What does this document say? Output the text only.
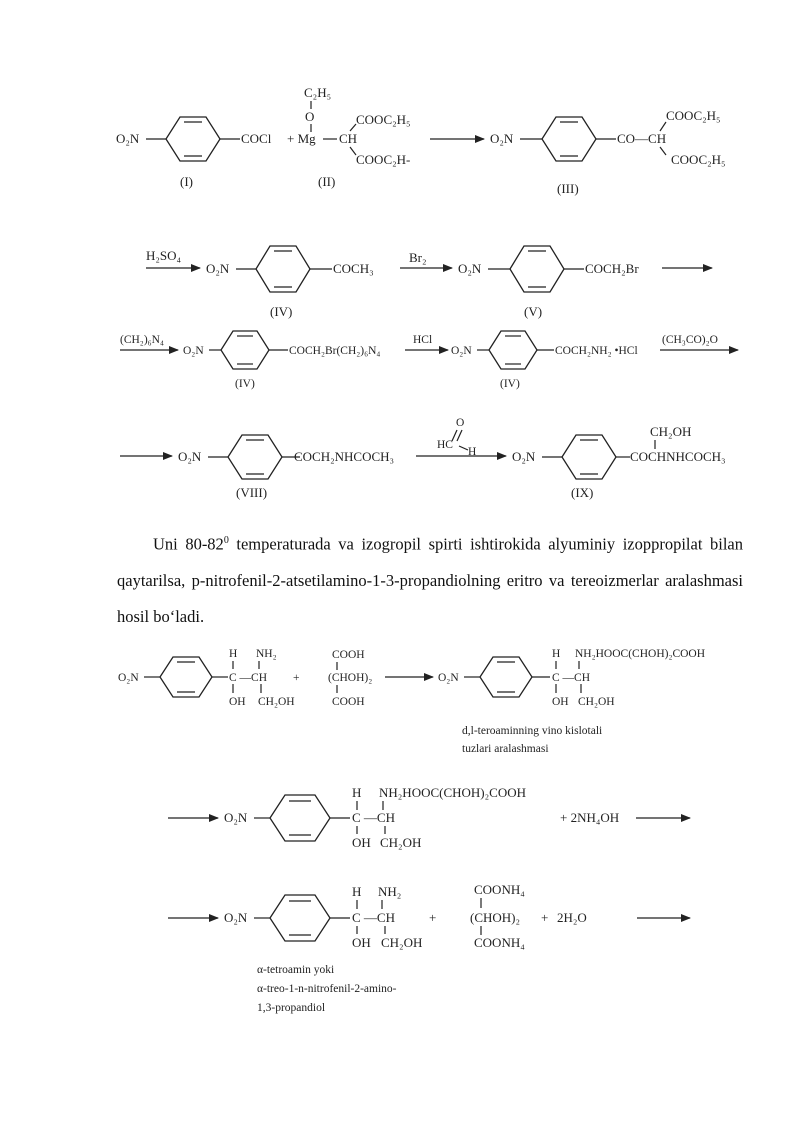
O₂N	COCl + Mg
C₂H₅
O
CH
COOC₂H₅
COOC₂H-
(I)	(II)
O₂N	CO—CH
COOC₂H₅
COOC₂H₅
(III)
H₂SO₄
O₂N	COCH₃
(IV)
Br₂
O₂N	COCH₂Br
(V)
(CH₂)₆N₄
O₂N	COCH₂Br(CH₂)₆N₄
(IV)
HCl
O₂N	COCH₂NH₂ •HCl
(IV)
(CH₃CO)₂O
O₂N	COCH₂NHCOCH₃
(VIII)
O
HC
H	O₂N	COCHNHCOCH₃
CH₂OH
(IX)
O₂N
H NH₂
C —CH
OH CH₂OH
+
COOH
(CHOH)₂
COOH
O₂N
H NH₂HOOC(CHOH)₂COOH
C —CH
OH CH₂OH
d,l-teroaminning vino kislotali
tuzlari aralashmasi
O₂N
H NH₂HOOC(CHOH)₂COOH
C —CH
OH CH₂OH
+ 2NH₄OH
O₂N
H NH₂
C —CH
OH CH₂OH
+
COONH₄
(CHOH)₂
COONH₄
+ 2H₂O
α-tetroamin yoki
α-treo-1-n-nitrofenil-2-amino-
1,3-propandiol

Uni $80-82^0$ temperaturada va izogropil spirti ishtirokida alyuminiy izoppropilat bilan qaytarilsa, p-nitrofenil-2-atsetilamino-1-3-propandiolning eritro va tereoizmerlar aralashmasi hosil bo‘ladi.
